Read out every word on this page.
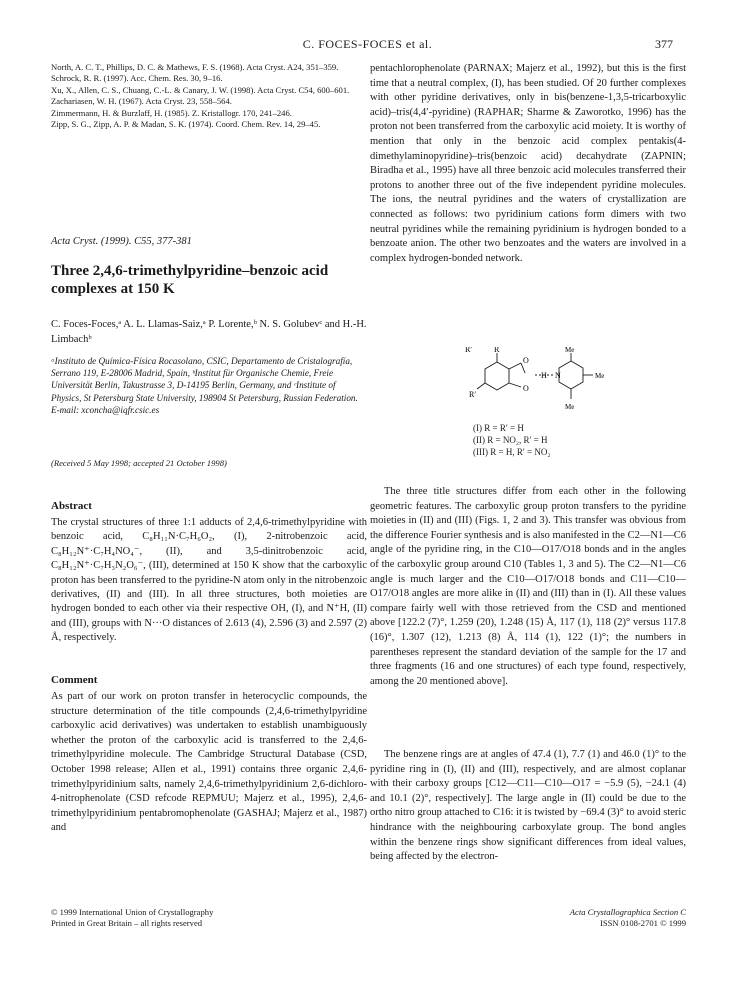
C. FOCES-FOCES et al.	377
North, A. C. T., Phillips, D. C. & Mathews, F. S. (1968). Acta Cryst. A24, 351–359.
Schrock, R. R. (1997). Acc. Chem. Res. 30, 9–16.
Xu, X., Allen, C. S., Chuang, C.-L. & Canary, J. W. (1998). Acta Cryst. C54, 600–601.
Zachariasen, W. H. (1967). Acta Cryst. 23, 558–564.
Zimmermann, H. & Burzlaff, H. (1985). Z. Kristallogr. 170, 241–246.
Zipp, S. G., Zipp, A. P. & Madan, S. K. (1974). Coord. Chem. Rev. 14, 29–45.
Acta Cryst. (1999). C55, 377-381
Three 2,4,6-trimethylpyridine–benzoic acid complexes at 150 K
C. Foces-Foces,ᵃ A. L. Llamas-Saiz,ᵃ P. Lorente,ᵇ N. S. Golubevᶜ and H.-H. Limbachᵇ
ᵃInstituto de Química-Física Rocasolano, CSIC, Departamento de Cristalografía, Serrano 119, E-28006 Madrid, Spain, ᵇInstitut für Organische Chemie, Freie Universität Berlin, Takustrasse 3, D-14195 Berlin, Germany, and ᶜInstitute of Physics, St Petersburg State University, 198904 St Petersburg, Russian Federation. E-mail: xconcha@iqfr.csic.es
(Received 5 May 1998; accepted 21 October 1998)
Abstract
The crystal structures of three 1:1 adducts of 2,4,6-trimethylpyridine with benzoic acid, C₈H₁₁N·C₇H₆O₂, (I), 2-nitrobenzoic acid, C₈H₁₂N⁺·C₇H₄NO₄⁻, (II), and 3,5-dinitrobenzoic acid, C₈H₁₂N⁺·C₇H₃N₂O₆⁻, (III), determined at 150 K show that the carboxylic proton has been transferred to the pyridine-N atom only in the nitrobenzoic derivatives, (II) and (III). In all three structures, both moieties are hydrogen bonded to each other via their respective OH, (I), and N⁺H, (II) and (III), groups with N···O distances of 2.613 (4), 2.596 (3) and 2.597 (2) Å, respectively.
Comment
As part of our work on proton transfer in heterocyclic compounds, the structure determination of the title compounds (2,4,6-trimethylpyridine carboxylic acid derivatives) was undertaken to establish unambiguously whether the proton of the carboxylic acid is transferred to the 2,4,6-trimethylpyridine molecule. The Cambridge Structural Database (CSD, October 1998 release; Allen et al., 1991) contains three organic 2,4,6-trimethylpyridinium salts, namely 2,4,6-trimethylpyridinium 2,6-dichloro-4-nitrophenolate (CSD refcode REPMUU; Majerz et al., 1995), 2,4,6-trimethylpyridinium pentabromophenolate (GASHAJ; Majerz et al., 1987) and
pentachlorophenolate (PARNAX; Majerz et al., 1992), but this is the first time that a neutral complex, (I), has been studied. Of 20 further complexes with other pyridine derivatives, only in bis(benzene-1,3,5-tricarboxylic acid)–tris(4,4′-pyridine) (RAPHAR; Sharme & Zaworotko, 1996) has the proton not been transferred from the carboxylic acid moiety. It is worthy of mention that only in the benzoic acid complex pentakis(4-dimethylaminopyridine)–tris(benzoic acid) decahydrate (ZAPNIN; Biradha et al., 1995) have all three benzoic acid molecules transferred their protons to another three out of the five independent pyridine molecules. The ions, the neutral pyridines and the waters of crystallization are connected as follows: two pyridinium cations form dimers with two neutral pyridines while the remaining pyridinium is hydrogen bonded to a benzoate anion. The other two benzoates and the waters are involved in a complex hydrogen-bonded network.
R
R′
R′
O
O
H N
Me
Me
Me
(I) R = R′ = H
(II) R = NO₂, R′ = H
(III) R = H, R′ = NO₂
The three title structures differ from each other in the following geometric features. The carboxylic group proton transfers to the pyridine moieties in (II) and (III) (Figs. 1, 2 and 3). This transfer was obvious from the difference Fourier synthesis and is also manifested in the C2—N1—C6 angle of the pyridine ring, in the C10—O17/O18 bonds and in the angles of the carboxylic group around C10 (Tables 1, 3 and 5). The C2—N1—C6 angle is much larger and the C10—O17/O18 bonds and C11—C10—O17/O18 angles are more alike in (II) and (III) than in (I). All these values compare fairly well with those retrieved from the CSD and mentioned above [122.2 (7)°, 1.259 (20), 1.248 (15) Å, 117 (1), 118 (2)° versus 117.8 (16)°, 1.307 (12), 1.213 (8) Å, 114 (1), 122 (1)°; the numbers in parentheses represent the standard deviation of the sample for the 17 and three fragments (16 and one structures) of each type found, respectively, among the 20 mentioned above].
The benzene rings are at angles of 47.4 (1), 7.7 (1) and 46.0 (1)° to the pyridine ring in (I), (II) and (III), respectively, and are almost coplanar with their carboxy groups [C12—C11—C10—O17 = −5.9 (5), −24.1 (4) and 10.1 (2)°, respectively]. The large angle in (II) could be due to the ortho nitro group attached to C16: it is twisted by −69.4 (3)° to avoid steric hindrance with the neighbouring carboxylate group. The bond angles within the benzene rings show significant differences from ideal values, being affected by the electron-
© 1999 International Union of Crystallography
Printed in Great Britain – all rights reserved
Acta Crystallographica Section C
ISSN 0108-2701 © 1999
